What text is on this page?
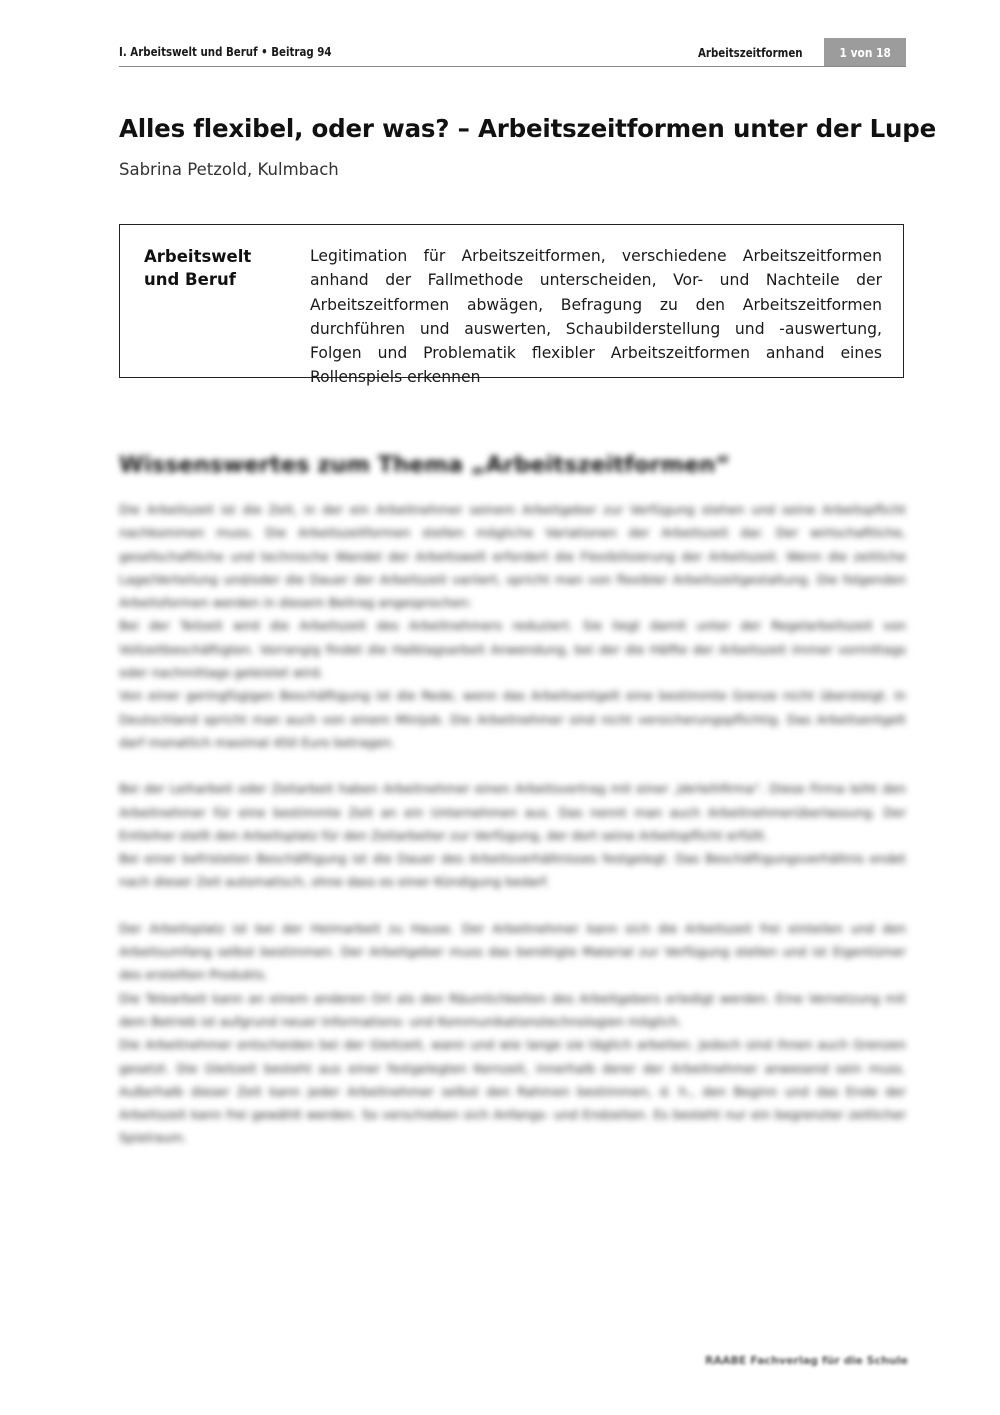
I. Arbeitswelt und Beruf • Beitrag 94	Arbeitszeitformen	1 von 18
Alles flexibel, oder was? – Arbeitszeitformen unter der Lupe
Sabrina Petzold, Kulmbach
Arbeitswelt
und Beruf
Legitimation für Arbeitszeitformen, verschiedene Arbeitszeitformen anhand der Fallmethode unterscheiden, Vor- und Nachteile der Arbeitszeitformen abwägen, Befragung zu den Arbeitszeitformen durchführen und auswerten, Schaubilderstellung und -auswertung, Folgen und Problematik flexibler Arbeitszeitformen anhand eines Rollenspiels erkennen
Wissenswertes zum Thema „Arbeitszeitformen“

Die Arbeitszeit ist die Zeit, in der ein Arbeitnehmer seinem Arbeitgeber zur Verfügung stehen und seine Arbeitspflicht nachkommen muss. Die Arbeitszeitformen stellen mögliche Variationen der Arbeitszeit dar. Der wirtschaftliche, gesellschaftliche und technische Wandel der Arbeitswelt erfordert die Flexibilisierung der Arbeitszeit. Wenn die zeitliche Lage/Verteilung und/oder die Dauer der Arbeitszeit variiert, spricht man von flexibler Arbeitszeitgestaltung. Die folgenden Arbeitsformen werden in diesem Beitrag angesprochen:

Bei der Teilzeit wird die Arbeitszeit des Arbeitnehmers reduziert. Sie liegt damit unter der Regelarbeitszeit von Vollzeitbeschäftigten. Vorrangig findet die Halbtagsarbeit Anwendung, bei der die Hälfte der Arbeitszeit immer vormittags oder nachmittags geleistet wird.

Von einer geringfügigen Beschäftigung ist die Rede, wenn das Arbeitsentgelt eine bestimmte Grenze nicht übersteigt. In Deutschland spricht man auch von einem Minijob. Die Arbeitnehmer sind nicht versicherungspflichtig. Das Arbeitsentgelt darf monatlich maximal 450 Euro betragen.

Bei der Leiharbeit oder Zeitarbeit haben Arbeitnehmer einen Arbeitsvertrag mit einer „Verleihfirma“. Diese Firma leiht den Arbeitnehmer für eine bestimmte Zeit an ein Unternehmen aus. Das nennt man auch Arbeitnehmerüberlassung. Der Entleiher stellt den Arbeitsplatz für den Zeitarbeiter zur Verfügung, der dort seine Arbeitspflicht erfüllt.

Bei einer befristeten Beschäftigung ist die Dauer des Arbeitsverhältnisses festgelegt. Das Beschäftigungsverhältnis endet nach dieser Zeit automatisch, ohne dass es einer Kündigung bedarf.

Der Arbeitsplatz ist bei der Heimarbeit zu Hause. Der Arbeitnehmer kann sich die Arbeitszeit frei einteilen und den Arbeitsumfang selbst bestimmen. Der Arbeitgeber muss das benötigte Material zur Verfügung stellen und ist Eigentümer des erstellten Produkts.

Die Telearbeit kann an einem anderen Ort als den Räumlichkeiten des Arbeitgebers erledigt werden. Eine Vernetzung mit dem Betrieb ist aufgrund neuer Informations- und Kommunikationstechnologien möglich.

Die Arbeitnehmer entscheiden bei der Gleitzeit, wann und wie lange sie täglich arbeiten. Jedoch sind ihnen auch Grenzen gesetzt. Die Gleitzeit besteht aus einer festgelegten Kernzeit, innerhalb derer der Arbeitnehmer anwesend sein muss. Außerhalb dieser Zeit kann jeder Arbeitnehmer selbst den Rahmen bestimmen, d. h., den Beginn und das Ende der Arbeitszeit kann frei gewählt werden. So verschieben sich Anfangs- und Endzeiten. Es besteht nur ein begrenzter zeitlicher Spielraum.

RAABE Fachverlag für die Schule
